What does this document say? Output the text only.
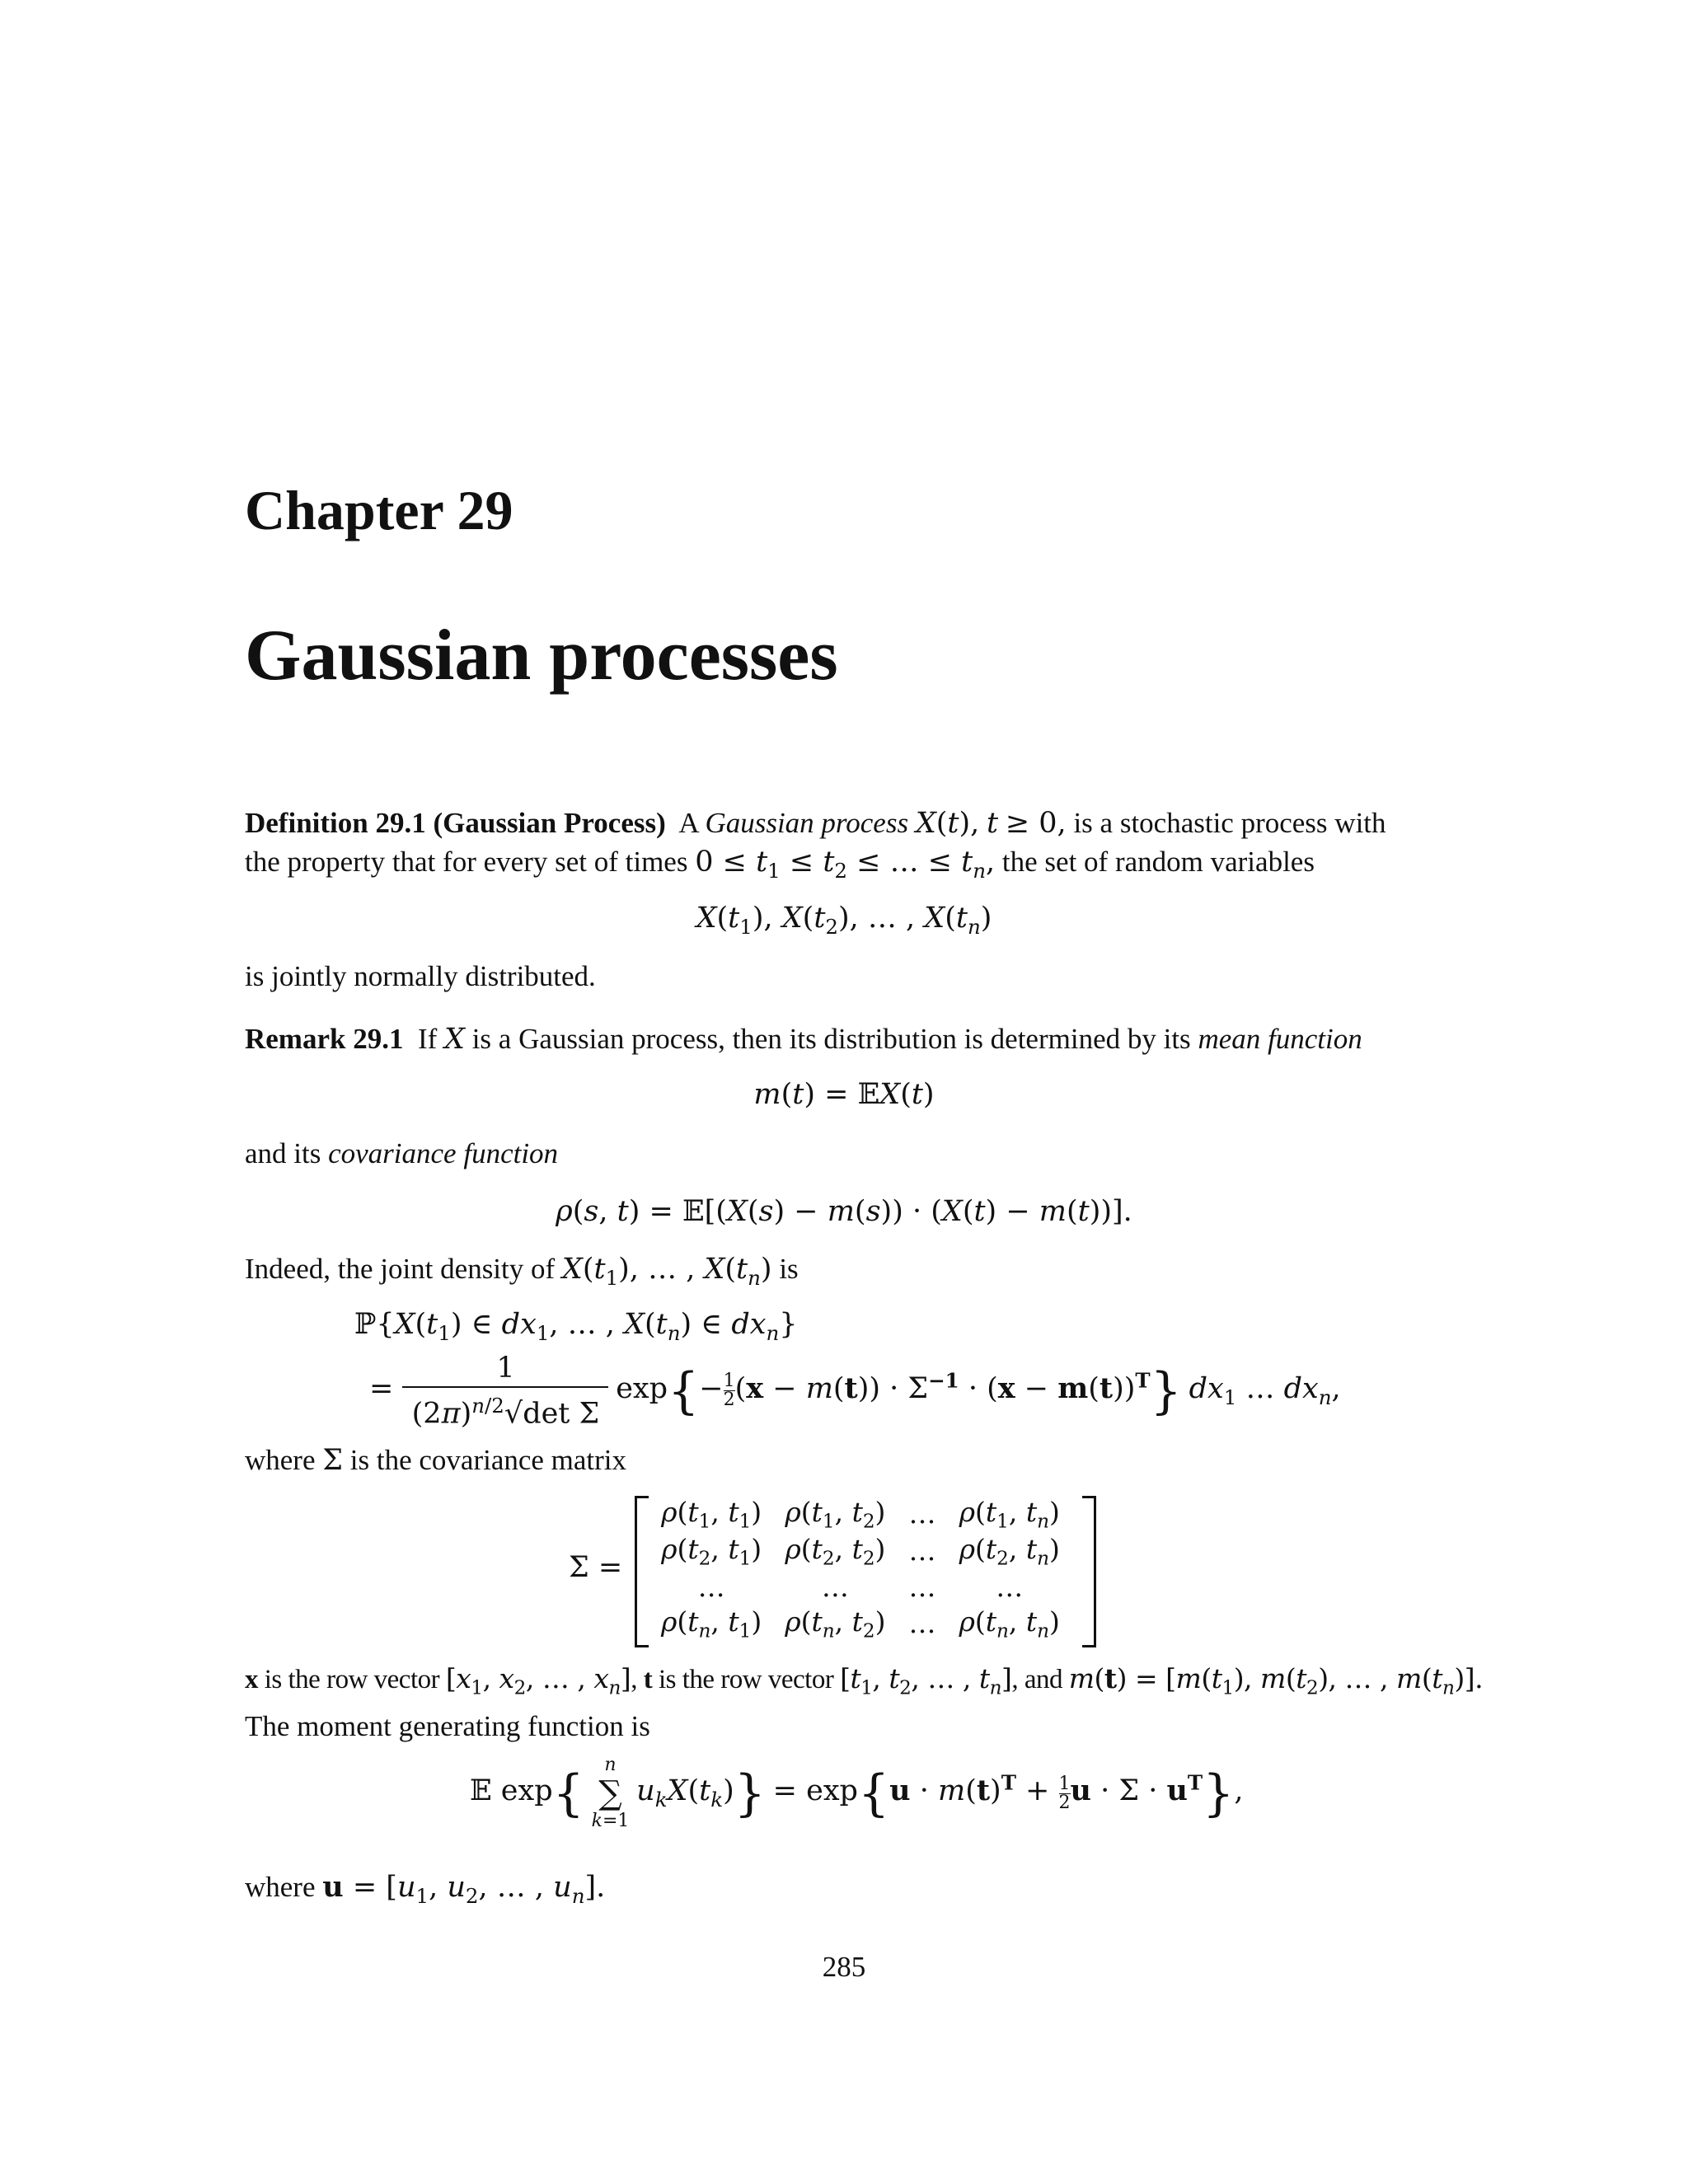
Chapter 29
Gaussian processes
Definition 29.1 (Gaussian Process) A Gaussian process X(t), t ≥ 0, is a stochastic process with
the property that for every set of times $0 \le t_1 \le t_2$ ≤ … ≤ $t_n$, the set of random variables
$X(t_1)$, $X(t_2)$, … , $X(t_n)$
is jointly normally distributed.
Remark 29.1 If X is a Gaussian process, then its distribution is determined by its mean function
m(t) = 𝔼X(t)
and its covariance function
ρ(s, t) = 𝔼[(X(s) − m(s)) · (X(t) − m(t))].
Indeed, the joint density of $X(t_1)$, … , $X(t_n)$ is
$ℙ\{X(t_1)$ ∈ $dx_1$, … , $X(t_n)$ ∈ $dx_n$}
= $\frac{1}{(2\pi)^{n/2}√\det \Sigma} \exp\{- \frac{1}{2} (x - m(t)) \cdot \Sigma^{-1} \cdot (x - m(t))^T\}$ $dx_1$ … $dx_n$,
where Σ is the covariance matrix
Σ =
$\rho(t_1$, $t_1$)	$\rho(t_1$, $t_2$)	…	$\rho(t_1$, $t_n$)
$\rho(t_2$, $t_1$)	$\rho(t_2$, $t_2$)	…	$\rho(t_2$, $t_n$)
…	…	…	…
$\rho(t_n$, $t_1$)	$\rho(t_n$, $t_2$)	…	$\rho(t_n$, $t_n$)
x is the row vector [$x_1$, $x_2$, … , $x_n$], t is the row vector [$t_1$, $t_2$, … , $t_n$], and $m(t) = [m(t_1)$, $m(t_2)$, … , $m(t_n)$].
The moment generating function is
𝔼 exp{	n
∑
k=1
$u_kX(t_k)\} = \exp\{u \cdot m(t)^T + \frac{1}{2}$ $u \cdot \Sigma \cdot u^T$},
where $u = [u_1$, $u_2$, … , $u_n$].
285
